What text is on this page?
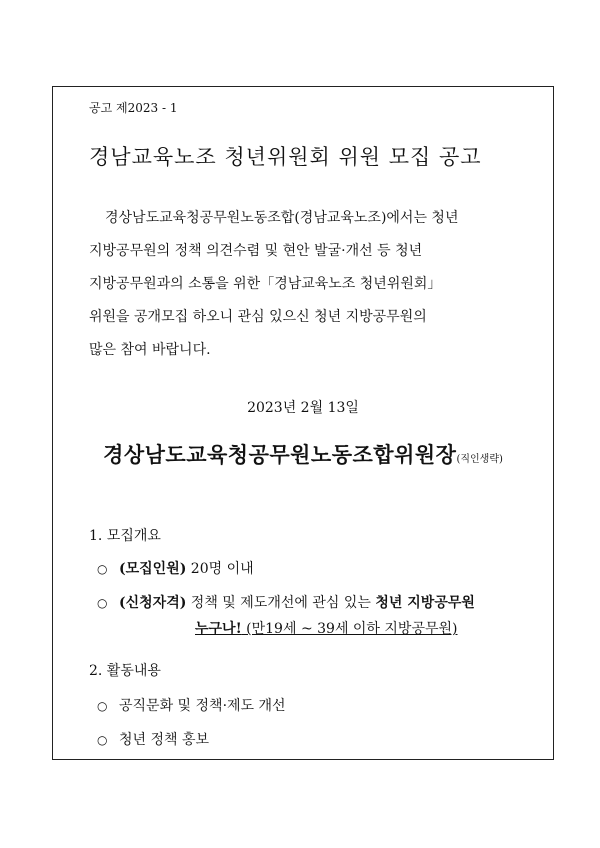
공고 제2023 - 1
경남교육노조 청년위원회 위원 모집 공고
경상남도교육청공무원노동조합(경남교육노조)에서는 청년
지방공무원의 정책 의견수렴 및 현안 발굴·개선 등 청년
지방공무원과의 소통을 위한「경남교육노조 청년위원회」
위원을 공개모집 하오니 관심 있으신 청년 지방공무원의
많은 참여 바랍니다.
2023년 2월 13일
경상남도교육청공무원노동조합위원장(직인생략)
1. 모집개요
○ (모집인원) 20명 이내
○ (신청자격) 정책 및 제도개선에 관심 있는 청년 지방공무원
누구나! (만19세 ~ 39세 이하 지방공무원)
2. 활동내용
○ 공직문화 및 정책·제도 개선
○ 청년 정책 홍보
